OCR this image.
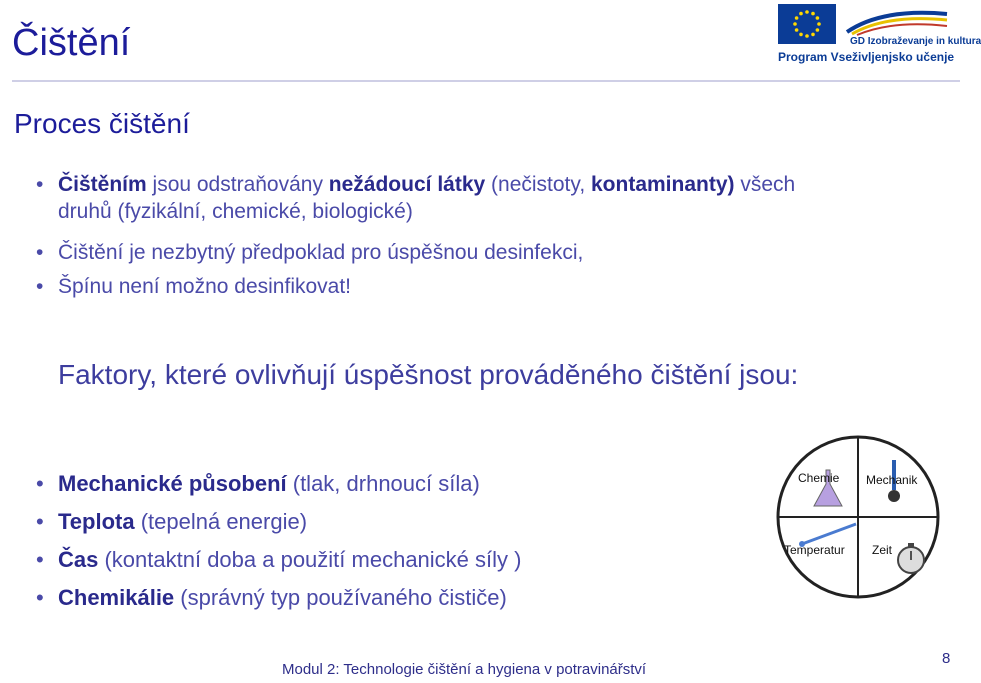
Čištění	GD Izobraževanje in kultura
Program Vseživljenjsko učenje
Proces čištění
• Čištěním jsou odstraňovány nežádoucí látky (nečistoty, kontaminanty) všech druhů (fyzikální, chemické, biologické)
• Čištění je nezbytný předpoklad pro úspěšnou desinfekci,
• Špínu není možno desinfikovat!
Faktory, které ovlivňují úspěšnost prováděného čištění jsou:
• Mechanické působení (tlak, drhnoucí síla)
• Teplota (tepelná energie)
• Čas (kontaktní doba a použití mechanické síly )
• Chemikálie (správný typ používaného čističe)
Chemie Mechanik
Temperatur Zeit
Modul 2: Technologie čištění a hygiena v potravinářství
8
